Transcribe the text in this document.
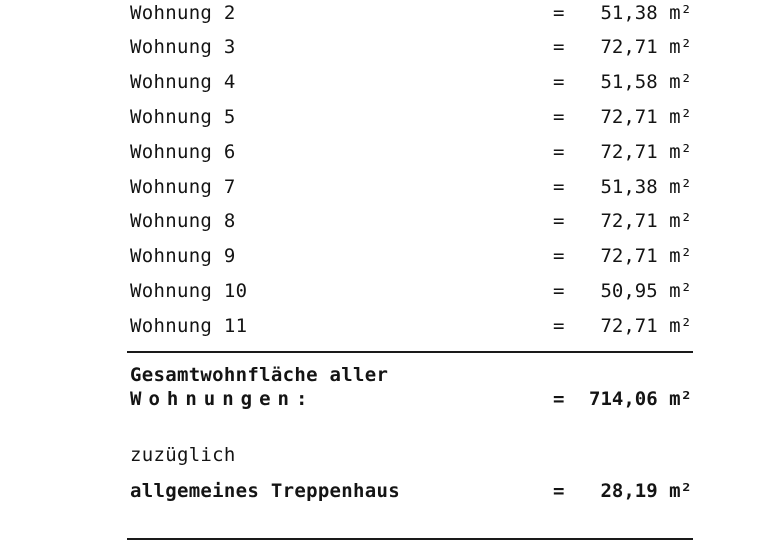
Wohnung 2	= 51,38 m²
Wohnung 3	= 72,71 m²
Wohnung 4	= 51,58 m²
Wohnung 5	= 72,71 m²
Wohnung 6	= 72,71 m²
Wohnung 7	= 51,38 m²
Wohnung 8	= 72,71 m²
Wohnung 9	= 72,71 m²
Wohnung 10	= 50,95 m²
Wohnung 11	= 72,71 m²
Gesamtwohnfläche aller
Wohnungen:	= 714,06 m²
zuzüglich
allgemeines Treppenhaus	= 28,19 m²
